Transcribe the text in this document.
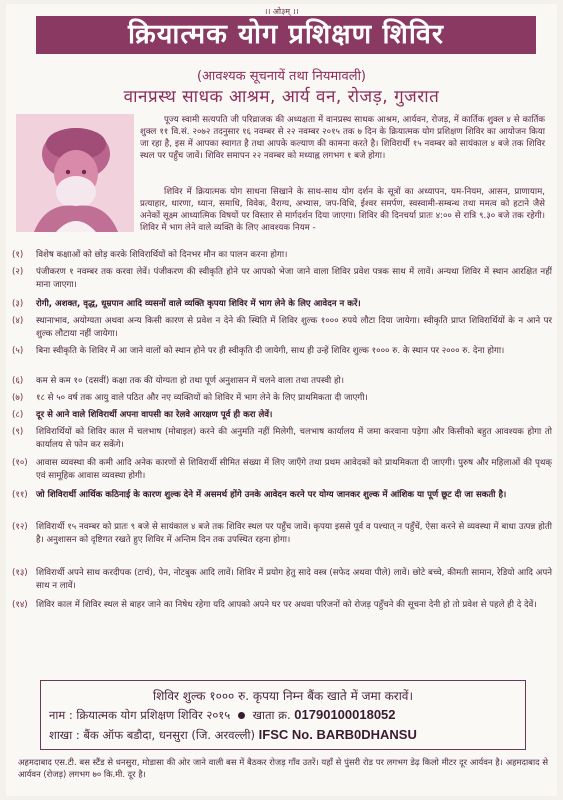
।। ओ३म् ।।
क्रियात्मक योग प्रशिक्षण शिविर
(आवश्यक सूचनायें तथा नियमावली)
वानप्रस्थ साधक आश्रम, आर्य वन, रोजड़, गुजरात
पूज्य स्वामी सत्यपति जी परिव्राजक की अध्यक्षता में वानप्रस्थ साधक आश्रम, आर्यवन, रोजड़, में कार्तिक शुक्ल ४ से कार्तिक शुक्ल ११ वि.सं. २०७२ तदनुसार १६ नवम्बर से २२ नवम्बर २०१५ तक ७ दिन के क्रियात्मक योग प्रशिक्षण शिविर का आयोजन किया जा रहा है, इस में आपका स्वागत है तथा आपके कल्याण की कामना करते है। शिविरार्थी १५ नवम्बर को सायंकाल ४ बजे तक शिविर स्थल पर पहुँच जावें। शिविर समापन २२ नवम्बर को मध्याह्न लगभग १ बजे होगा।
शिविर में क्रियात्मक योग साधना सिखाने के साथ-साथ योग दर्शन के सूत्रों का अध्यापन, यम-नियम, आसन, प्राणायाम, प्रत्याहार, धारणा, ध्यान, समाधि, विवेक, वैराग्य, अभ्यास, जप-विधि, ईश्वर समर्पण, स्वस्वामी-सम्बन्ध तथा ममत्व को हटाने जैसे अनेकों सूक्ष्म आध्यात्मिक विषयों पर विस्तार से मार्गदर्शन दिया जाएगा। शिविर की दिनचर्या प्रातः ४:०० से रात्रि ९.३० बजे तक रहेगी। शिविर में भाग लेने वाले व्यक्ति के लिए आवश्यक नियम -
(१)	विशेष कक्षाओं को छोड़ करके शिविरार्थियों को दिनभर मौन का पालन करना होगा।
(२)	पंजीकरण १ नवम्बर तक करवा लेवें। पंजीकरण की स्वीकृति होने पर आपको भेजा जाने वाला शिविर प्रवेश पत्रक साथ में लावें। अन्यथा शिविर में स्थान आरक्षित नहीं माना जाएगा।
(३)	रोगी, अशक्त, वृद्ध, धूम्रपान आदि व्यसनों वाले व्यक्ति कृपया शिविर में भाग लेने के लिए आवेदन न करें।
(४)	स्थानाभाव, अयोग्यता अथवा अन्य किसी कारण से प्रवेश न देने की स्थिति में शिविर शुल्क १००० रुपये लौटा दिया जायेगा। स्वीकृति प्राप्त शिविरार्थियों के न आने पर शुल्क लौटाया नहीं जायेगा।
(५)	बिना स्वीकृति के शिविर में आ जाने वालों को स्थान होने पर ही स्वीकृति दी जायेगी, साथ ही उन्हें शिविर शुल्क १००० रु. के स्थान पर २००० रु. देना होगा।
(६)	कम से कम १० (दसवीं) कक्षा तक की योग्यता हो तथा पूर्ण अनुशासन में चलने वाला तथा तपस्वी हो।
(७)	१८ से ५० वर्ष तक आयु वाले पठित और नए व्यक्तियों को शिविर में भाग लेने के लिए प्राथमिकता दी जाएगी।
(८)	दूर से आने वाले शिविरार्थी अपना वापसी का रेलवे आरक्षण पूर्व ही करा लेवें।
(९)	शिविरार्थियों को शिविर काल में चलभाष (मोबाइल) करने की अनुमति नहीं मिलेगी, चलभाष कार्यालय में जमा करवाना पड़ेगा और किसीको बहुत आवश्यक होगा तो कार्यालय से फोन कर सकेंगे।
(१०) आवास व्यवस्था की कमी आदि अनेक कारणों से शिविरार्थी सीमित संख्या में लिए जाएँगे तथा प्रथम आवेदकों को प्राथमिकता दी जाएगी। पुरुष और महिलाओं की पृथक् एवं सामूहिक आवास व्यवस्था होगी।
(११) जो शिविरार्थी आर्थिक कठिनाई के कारण शुल्क देने में असमर्थ होंगे उनके आवेदन करने पर योग्य जानकर शुल्क में आंशिक या पूर्ण छूट दी जा सकती है।
(१२) शिविरार्थी १५ नवम्बर को प्रातः ९ बजे से सायंकाल ४ बजे तक शिविर स्थल पर पहुँच जावें। कृपया इससे पूर्व व पश्चात् न पहुँचें, ऐसा करने से व्यवस्था में बाधा उत्पन्न होती है। अनुशासन को दृष्टिगत रखते हुए शिविर में अन्तिम दिन तक उपस्थित रहना होगा।
(१३) शिविरार्थी अपने साथ करदीपक (टार्च), पेन, नोटबुक आदि लावें। शिविर में प्रयोग हेतु सादे वस्त्र (सफेद अथवा पीले) लावें। छोटे बच्चे, कीमती सामान, रेडियो आदि अपने साथ न लावें।
(१४) शिविर काल में शिविर स्थल से बाहर जाने का निषेध रहेगा यदि आपको अपने घर पर अथवा परिजनों को रोजड़ पहुँचने की सूचना देनी हो तो प्रवेश से पहले ही दे देवें।
शिविर शुल्क १००० रु. कृपया निम्न बैंक खाते में जमा करावें।
नाम : क्रियात्मक योग प्रशिक्षण शिविर २०१५ खाता क्र. 01790100018052
शाखा : बैंक ऑफ बडौदा, धनसुरा (जि. अरवल्ली) IFSC No. BARB0DHANSU
अहमदाबाद एस.टी. बस स्टैंड से धनसुरा, मोडासा की ओर जाने वाली बस में बैठकर रोजड़ गाँव उतरें। यहाँ से पुंसरी रोड पर लगभग डेढ़ किलो मीटर दूर आर्यवन है। अहमदाबाद से आर्यवन (रोजड़) लगभग ७० कि.मी. दूर है।
